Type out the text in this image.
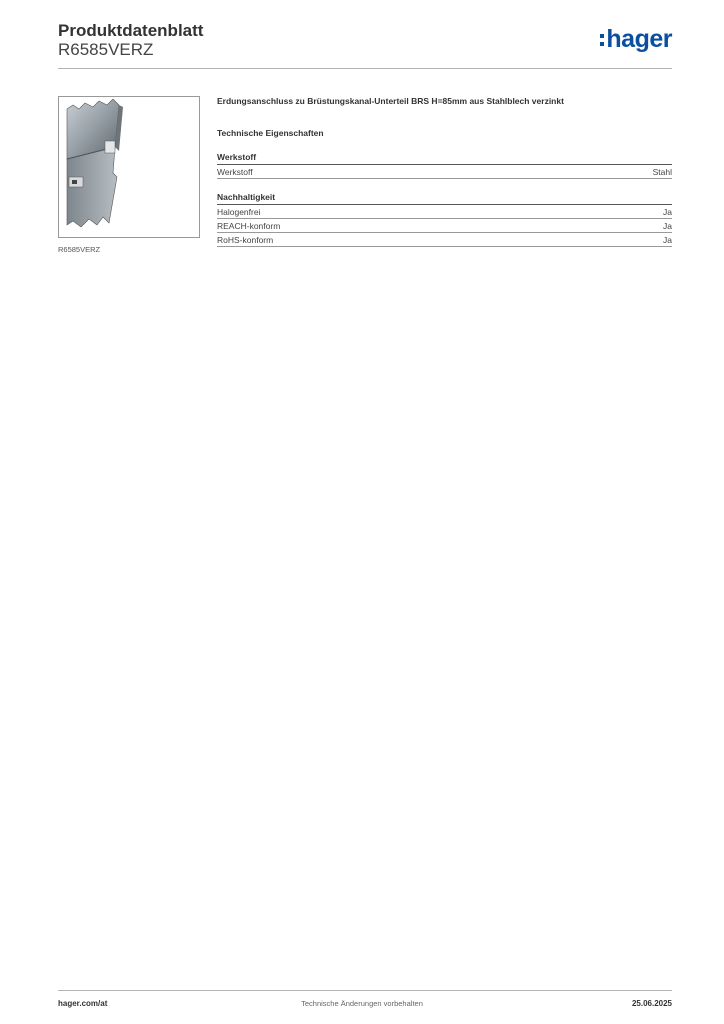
Produktdatenblatt
R6585VERZ	hager
R6585VERZ
Erdungsanschluss zu Brüstungskanal-Unterteil BRS H=85mm aus Stahlblech verzinkt
Technische Eigenschaften
Werkstoff
Werkstoff	Stahl
Nachhaltigkeit
Halogenfrei	Ja
REACH-konform	Ja
RoHS-konform	Ja
hager.com/at	Technische Änderungen vorbehalten	25.06.2025
